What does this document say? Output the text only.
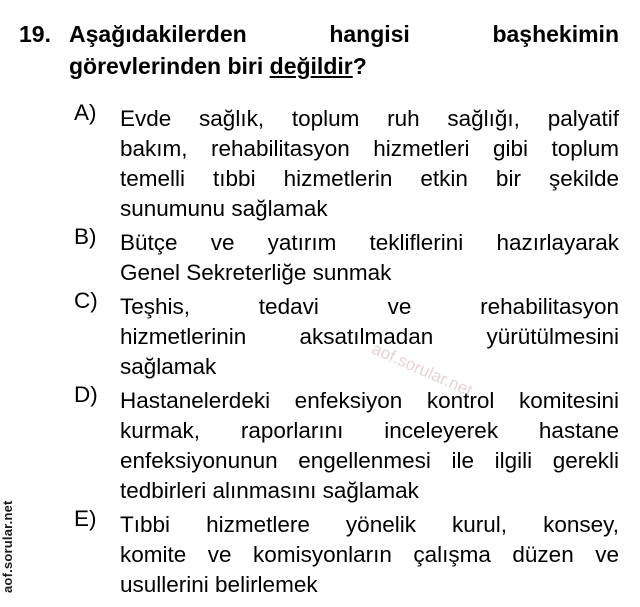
19. Aşağıdakilerden	hangisi	başhekimin
görevlerinden biri değildir?
A)	Evde sağlık, toplum ruh sağlığı, palyatif
bakım, rehabilitasyon hizmetleri gibi toplum
temelli tıbbi hizmetlerin etkin bir şekilde
sunumunu sağlamak
B)	Bütçe ve yatırım tekliflerini hazırlayarak
Genel Sekreterliğe sunmak
C) Teşhis, tedavi ve rehabilitasyon
hizmetlerinin aksatılmadan yürütülmesini
sağlamak
D) Hastanelerdeki enfeksiyon kontrol komitesini
kurmak, raporlarını inceleyerek hastane
enfeksiyonunun engellenmesi ile ilgili gerekli
tedbirleri alınmasını sağlamak
E)	Tıbbi hizmetlere yönelik kurul, konsey,
komite ve komisyonların çalışma düzen ve
usullerini belirlemek
aof.sorular.net
aof.sorular.net
